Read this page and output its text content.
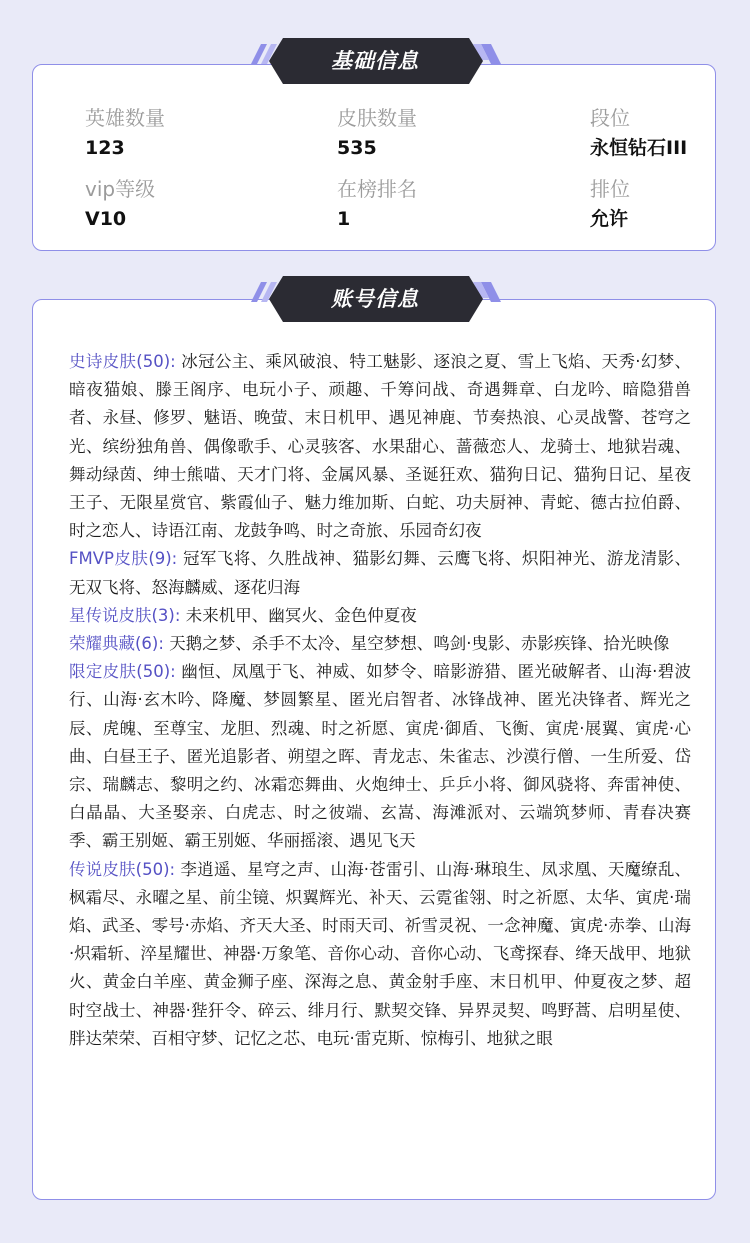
英雄数量
123
皮肤数量
535
段位
永恒钻石III
vip等级
V10
在榜排名
1
排位
允许
基础信息

史诗皮肤(50): 冰冠公主、乘风破浪、特工魅影、逐浪之夏、雪上飞焰、天秀·幻梦、暗夜猫娘、滕王阁序、电玩小子、顽趣、千筹问战、奇遇舞章、白龙吟、暗隐猎兽者、永昼、修罗、魅语、晚萤、末日机甲、遇见神鹿、节奏热浪、心灵战警、苍穹之光、缤纷独角兽、偶像歌手、心灵骇客、水果甜心、蔷薇恋人、龙骑士、地狱岩魂、舞动绿茵、绅士熊喵、天才门将、金属风暴、圣诞狂欢、猫狗日记、猫狗日记、星夜王子、无限星赏官、紫霞仙子、魅力维加斯、白蛇、功夫厨神、青蛇、德古拉伯爵、时之恋人、诗语江南、龙鼓争鸣、时之奇旅、乐园奇幻夜

FMVP皮肤(9): 冠军飞将、久胜战神、猫影幻舞、云鹰飞将、炽阳神光、游龙清影、无双飞将、怒海麟威、逐花归海

星传说皮肤(3): 未来机甲、幽冥火、金色仲夏夜

荣耀典藏(6): 天鹅之梦、杀手不太冷、星空梦想、鸣剑·曳影、赤影疾锋、拾光映像

限定皮肤(50): 幽恒、凤凰于飞、神威、如梦令、暗影游猎、匿光破解者、山海·碧波行、山海·玄木吟、降魔、梦圆繁星、匿光启智者、冰锋战神、匿光决锋者、辉光之辰、虎魄、至尊宝、龙胆、烈魂、时之祈愿、寅虎·御盾、飞衡、寅虎·展翼、寅虎·心曲、白昼王子、匿光追影者、朔望之晖、青龙志、朱雀志、沙漠行僧、一生所爱、岱宗、瑞麟志、黎明之约、冰霜恋舞曲、火炮绅士、乒乒小将、御风骁将、奔雷神使、白晶晶、大圣娶亲、白虎志、时之彼端、玄嵩、海滩派对、云端筑梦师、青春决赛季、霸王别姬、霸王别姬、华丽摇滚、遇见飞天

传说皮肤(50): 李逍遥、星穹之声、山海·苍雷引、山海·琳琅生、凤求凰、天魔缭乱、枫霜尽、永曜之星、前尘镜、炽翼辉光、补天、云霓雀翎、时之祈愿、太华、寅虎·瑞焰、武圣、零号·赤焰、齐天大圣、时雨天司、祈雪灵祝、一念神魔、寅虎·赤拳、山海·炽霜斩、淬星耀世、神器·万象笔、音你心动、音你心动、飞鸢探春、绛天战甲、地狱火、黄金白羊座、黄金狮子座、深海之息、黄金射手座、末日机甲、仲夏夜之梦、超时空战士、神器·狴犴令、碎云、绯月行、默契交锋、异界灵契、鸣野蒿、启明星使、胖达荣荣、百相守梦、记忆之芯、电玩·雷克斯、惊梅引、地狱之眼

账号信息
